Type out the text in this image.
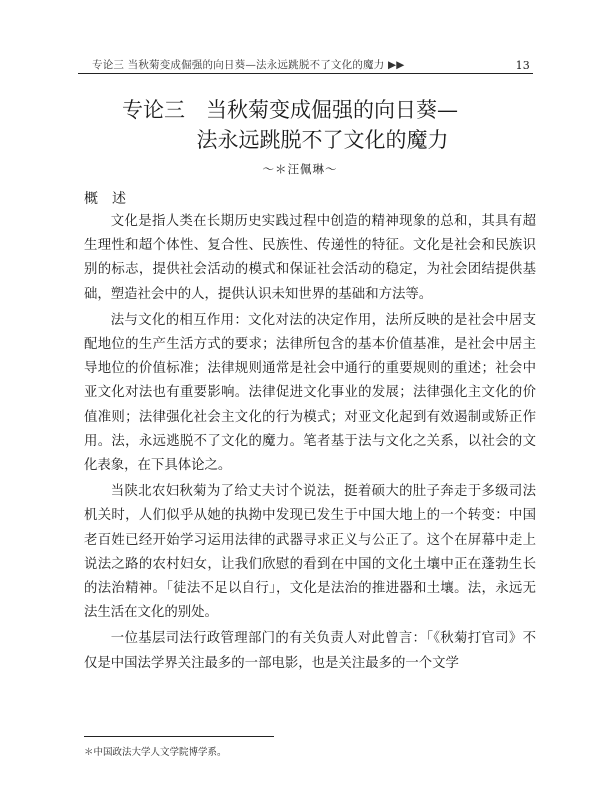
专论三 当秋菊变成倔强的向日葵—法永远跳脱不了文化的魔力 ▶▶	13
专论三　当秋菊变成倔强的向日葵—
法永远跳脱不了文化的魔力
〜＊汪佩琳〜
概述

文化是指人类在长期历史实践过程中创造的精神现象的总和，其具有超生理性和超个体性、复合性、民族性、传递性的特征。文化是社会和民族识别的标志，提供社会活动的模式和保证社会活动的稳定，为社会团结提供基础，塑造社会中的人，提供认识未知世界的基础和方法等。

法与文化的相互作用：文化对法的决定作用，法所反映的是社会中居支配地位的生产生活方式的要求；法律所包含的基本价值基准，是社会中居主导地位的价值标准；法律规则通常是社会中通行的重要规则的重述；社会中亚文化对法也有重要影响。法律促进文化事业的发展；法律强化主文化的价值准则；法律强化社会主文化的行为模式；对亚文化起到有效遏制或矫正作用。法，永远逃脱不了文化的魔力。笔者基于法与文化之关系，以社会的文化表象，在下具体论之。

当陕北农妇秋菊为了给丈夫讨个说法，挺着硕大的肚子奔走于多级司法机关时，人们似乎从她的执拗中发现已发生于中国大地上的一个转变：中国老百姓已经开始学习运用法律的武器寻求正义与公正了。这个在屏幕中走上说法之路的农村妇女，让我们欣慰的看到在中国的文化土壤中正在蓬勃生长的法治精神。「徒法不足以自行」，文化是法治的推进器和土壤。法，永远无法生活在文化的别处。

一位基层司法行政管理部门的有关负责人对此曾言：「《秋菊打官司》不仅是中国法学界关注最多的一部电影，也是关注最多的一个文学

＊中国政法大学人文学院博学系。
